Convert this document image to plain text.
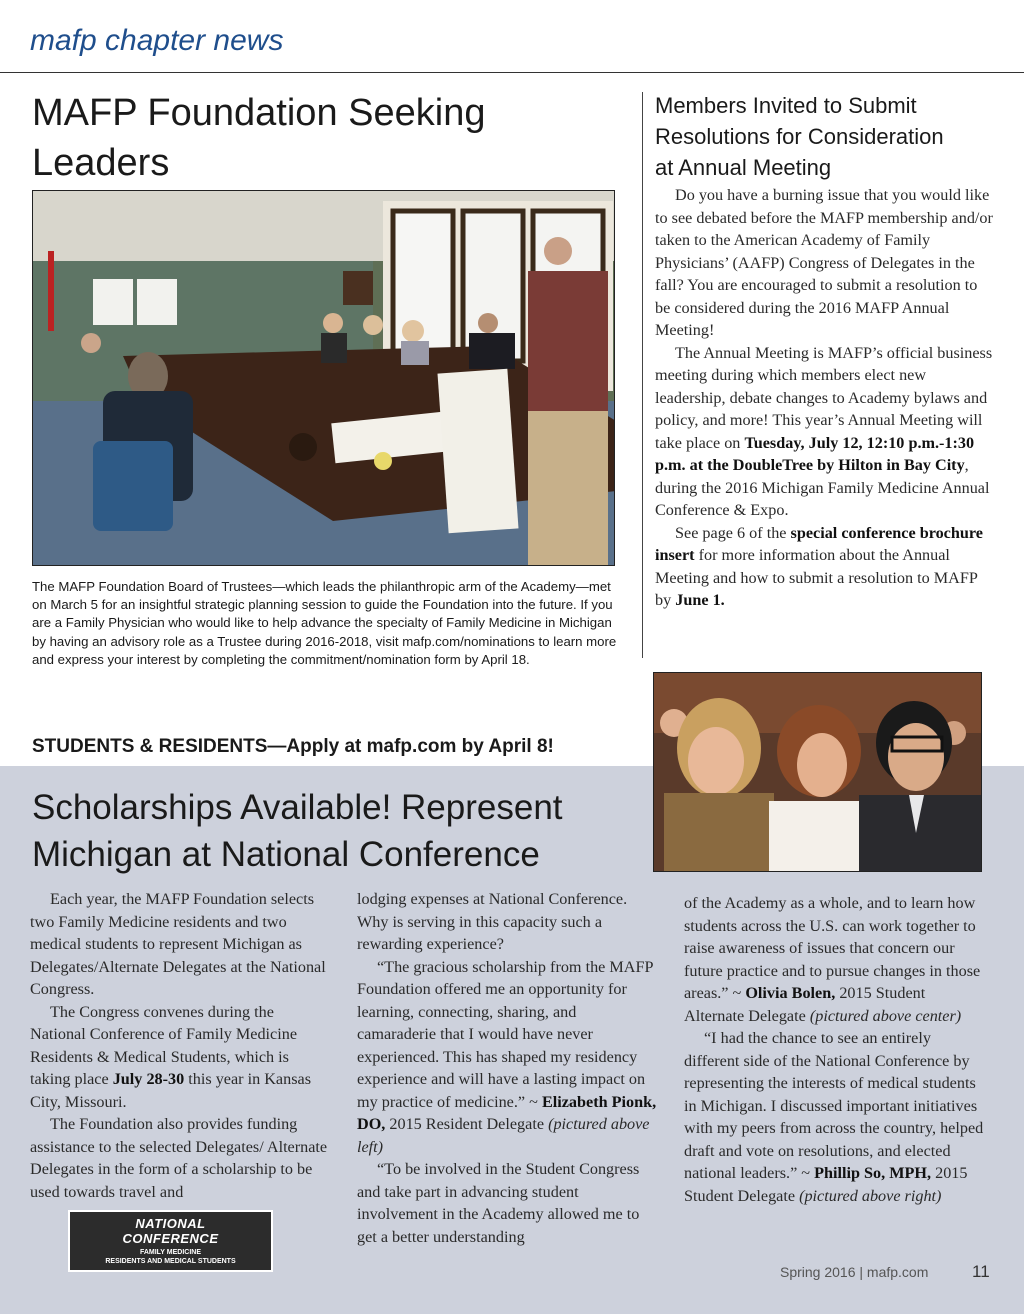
mafp chapter news
MAFP Foundation Seeking Leaders
The MAFP Foundation Board of Trustees—which leads the philanthropic arm of the Academy—met on March 5 for an insightful strategic planning session to guide the Foundation into the future. If you are a Family Physician who would like to help advance the specialty of Family Medicine in Michigan by having an advisory role as a Trustee during 2016-2018, visit mafp.com/nominations to learn more and express your interest by completing the commitment/nomination form by April 18.
Members Invited to Submit
Resolutions for Consideration
at Annual Meeting

Do you have a burning issue that you would like to see debated before the MAFP membership and/or taken to the American Academy of Family Physicians’ (AAFP) Congress of Delegates in the fall? You are encouraged to submit a resolution to be considered during the 2016 MAFP Annual Meeting!

The Annual Meeting is MAFP’s official business meeting during which members elect new leadership, debate changes to Academy bylaws and policy, and more! This year’s Annual Meeting will take place on Tuesday, July 12, 12:10 p.m.-1:30 p.m. at the DoubleTree by Hilton in Bay City, during the 2016 Michigan Family Medicine Annual Conference & Expo.

See page 6 of the special conference brochure insert for more information about the Annual Meeting and how to submit a resolution to MAFP by June 1.

STUDENTS & RESIDENTS—Apply at mafp.com by April 8!
Scholarships Available! Represent
Michigan at National Conference

Each year, the MAFP Foundation selects two Family Medicine residents and two medical students to represent Michigan as Delegates/Alternate Delegates at the National Congress.

The Congress convenes during the National Conference of Family Medicine Residents & Medical Students, which is taking place July 28-30 this year in Kansas City, Missouri.

The Foundation also provides funding assistance to the selected Delegates/ Alternate Delegates in the form of a scholarship to be used towards travel and

lodging expenses at National Conference. Why is serving in this capacity such a rewarding experience?

“The gracious scholarship from the MAFP Foundation offered me an opportunity for learning, connecting, sharing, and camaraderie that I would have never experienced. This has shaped my residency experience and will have a lasting impact on my practice of medicine.” ~ Elizabeth Pionk, DO, 2015 Resident Delegate (pictured above left)

“To be involved in the Student Congress and take part in advancing student involvement in the Academy allowed me to get a better understanding

of the Academy as a whole, and to learn how students across the U.S. can work together to raise awareness of issues that concern our future practice and to pursue changes in those areas.” ~ Olivia Bolen, 2015 Student Alternate Delegate (pictured above center)

“I had the chance to see an entirely different side of the National Conference by representing the interests of medical students in Michigan. I discussed important initiatives with my peers from across the country, helped draft and vote on resolutions, and elected national leaders.” ~ Phillip So, MPH, 2015 Student Delegate (pictured above right)

NATIONAL
CONFERENCE
FAMILY MEDICINE
RESIDENTS AND MEDICAL STUDENTS
Spring 2016 | mafp.com	11
